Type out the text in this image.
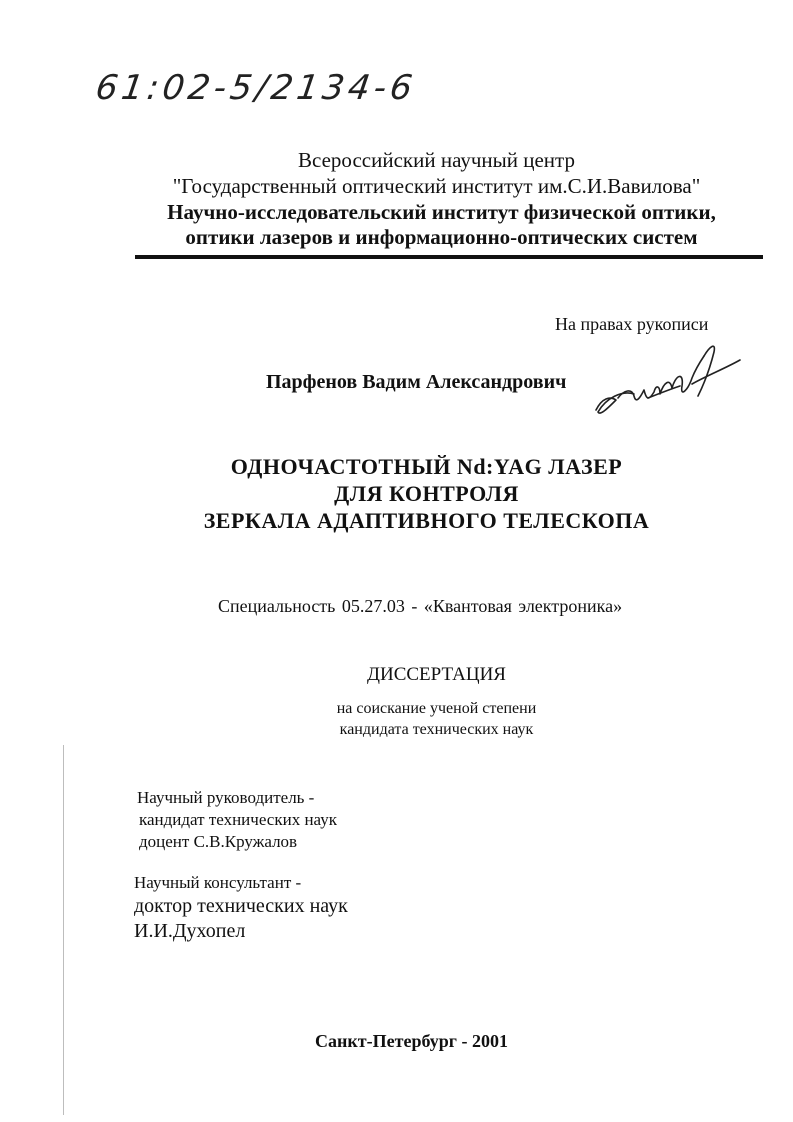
61:02-5/2134-6
Всероссийский научный центр
"Государственный оптический институт им.С.И.Вавилова"
Научно-исследовательский институт физической оптики,
оптики лазеров и информационно-оптических систем
На правах рукописи
Парфенов Вадим Александрович
ОДНОЧАСТОТНЫЙ Nd:YAG ЛАЗЕР
ДЛЯ КОНТРОЛЯ
ЗЕРКАЛА АДАПТИВНОГО ТЕЛЕСКОПА
Специальность 05.27.03 - «Квантовая электроника»
ДИССЕРТАЦИЯ
на соискание ученой степени
кандидата технических наук
Научный руководитель -
кандидат технических наук
доцент С.В.Кружалов
Научный консультант -
доктор технических наук
И.И.Духопел
Санкт-Петербург - 2001
